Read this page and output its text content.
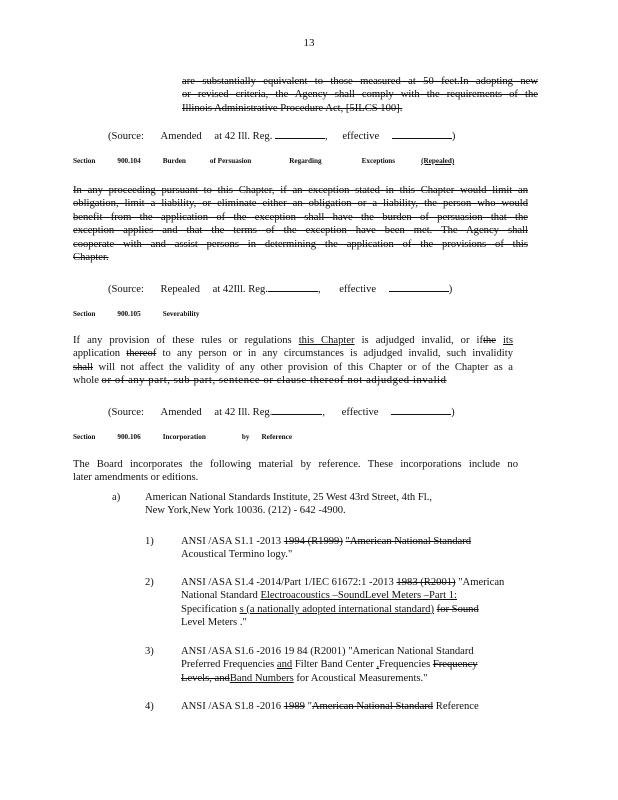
13

are substantially equivalent to those measured at 50 feet.In adopting new

or revised criteria, the Agency shall comply with the requirements of the

Illinois Administrative Procedure Act, [5ILCS 100].

(Source: Amended at 42 Ill. Reg.	, effective	)
Section	900.104	Burden	of Persuasion	Regarding	Exceptions	(Repealed)

In any proceeding pursuant to this Chapter, if an exception stated in this Chapter would limit an

obligation, limit a liability, or eliminate either an obligation or a liability, the person who would

benefit from the application of the exception shall have the burden of persuasion that the

exception applies and that the terms of the exception have been met. The Agency shall

cooperate with and assist persons in determining the application of the provisions of this

Chapter.

(Source: Repealed at 42Ill. Reg.	, effective	)
Section	900.105	Severability

If any provision of these rules or regulations this Chapter is adjudged invalid, or ifthe its

application thereof to any person or in any circumstances is adjudged invalid, such invalidity

shall will not affect the validity of any other provision of this Chapter or of the Chapter as a

whole or of any part, sub part, sentence or clause thereof not adjudged invalid

(Source: Amended at 42 Ill. Reg.	, effective	)
Section	900.106	Incorporation	by Reference

The Board incorporates the following material by reference. These incorporations include no

later amendments or editions.

a) American National Standards Institute, 25 West 43rd Street, 4th Fl.,

New York,New York 10036. (212) - 642 -4900.

1)	ANSI /ASA S1.1 -2013 1994 (R1999) "American National Standard

Acoustical Termino logy."

2)	ANSI /ASA S1.4 -2014/Part 1/IEC 61672:1 -2013 1983 (R2001) "American

National Standard Electroacoustics –SoundLevel Meters –Part 1:

Specification s (a nationally adopted international standard) for Sound

Level Meters ."

3)	ANSI /ASA S1.6 -2016 19 84 (R2001) "American National Standard

Preferred Frequencies and Filter Band Center ,Frequencies Frequency

Levels, andBand Numbers for Acoustical Measurements."

4)	ANSI /ASA S1.8 -2016 1989 "American National Standard Reference
